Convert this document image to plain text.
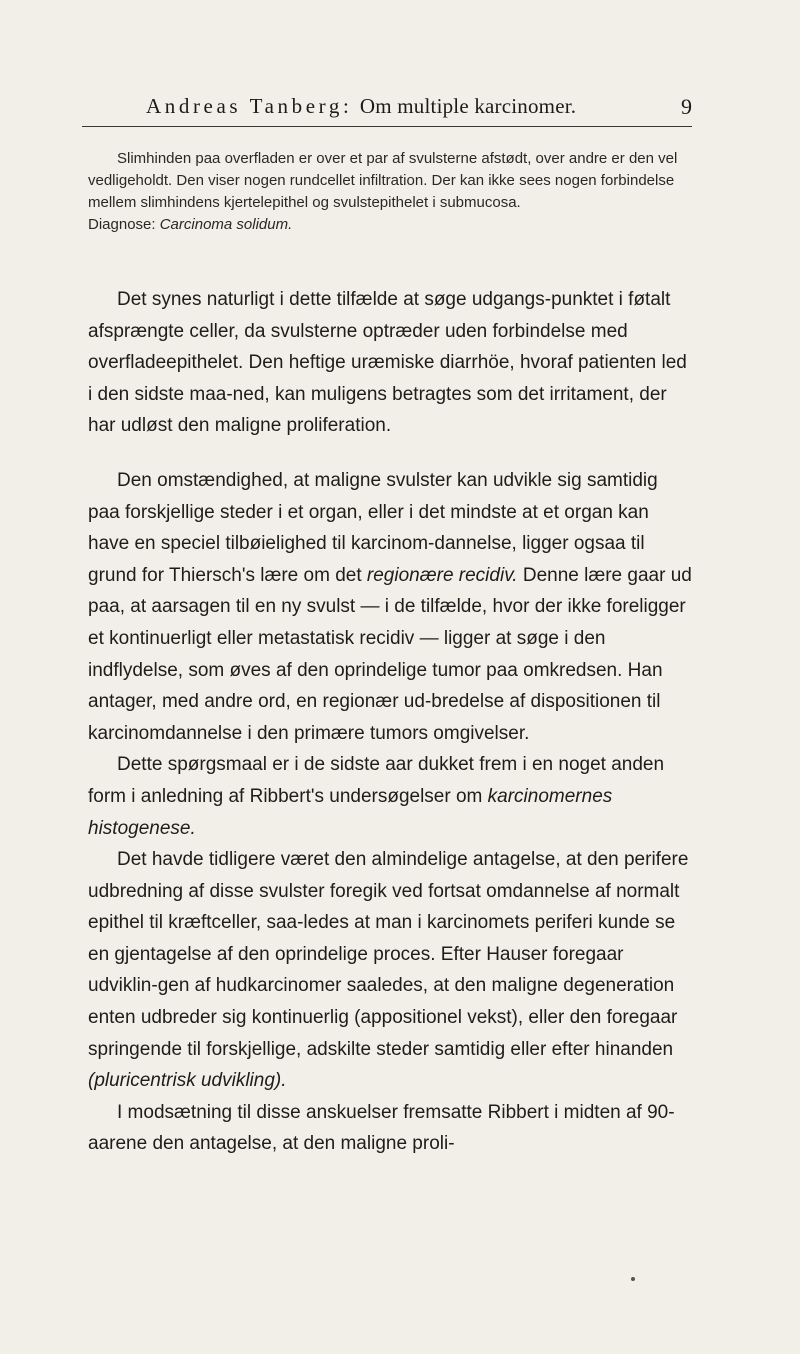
Andreas Tanberg: Om multiple karcinomer.	9

Slimhinden paa overfladen er over et par af svulsterne afstødt, over andre er den vel vedligeholdt. Den viser nogen rundcellet infiltration. Der kan ikke sees nogen forbindelse mellem slimhindens kjertelepithel og svulstepithelet i submucosa.

Diagnose: Carcinoma solidum.

Det synes naturligt i dette tilfælde at søge udgangs-punktet i føtalt afsprængte celler, da svulsterne optræder uden forbindelse med overfladeepithelet. Den heftige uræmiske diarrhöe, hvoraf patienten led i den sidste maa-ned, kan muligens betragtes som det irritament, der har udløst den maligne proliferation.

Den omstændighed, at maligne svulster kan udvikle sig samtidig paa forskjellige steder i et organ, eller i det mindste at et organ kan have en speciel tilbøielighed til karcinom-dannelse, ligger ogsaa til grund for Thiersch's lære om det regionære recidiv. Denne lære gaar ud paa, at aarsagen til en ny svulst — i de tilfælde, hvor der ikke foreligger et kontinuerligt eller metastatisk recidiv — ligger at søge i den indflydelse, som øves af den oprindelige tumor paa omkredsen. Han antager, med andre ord, en regionær ud-bredelse af dispositionen til karcinomdannelse i den primære tumors omgivelser.

Dette spørgsmaal er i de sidste aar dukket frem i en noget anden form i anledning af Ribbert's undersøgelser om karcinomernes histogenese.

Det havde tidligere været den almindelige antagelse, at den perifere udbredning af disse svulster foregik ved fortsat omdannelse af normalt epithel til kræftceller, saa-ledes at man i karcinomets periferi kunde se en gjentagelse af den oprindelige proces. Efter Hauser foregaar udviklin-gen af hudkarcinomer saaledes, at den maligne degeneration enten udbreder sig kontinuerlig (appositionel vekst), eller den foregaar springende til forskjellige, adskilte steder samtidig eller efter hinanden (pluricentrisk udvikling).

I modsætning til disse anskuelser fremsatte Ribbert i midten af 90-aarene den antagelse, at den maligne proli-
